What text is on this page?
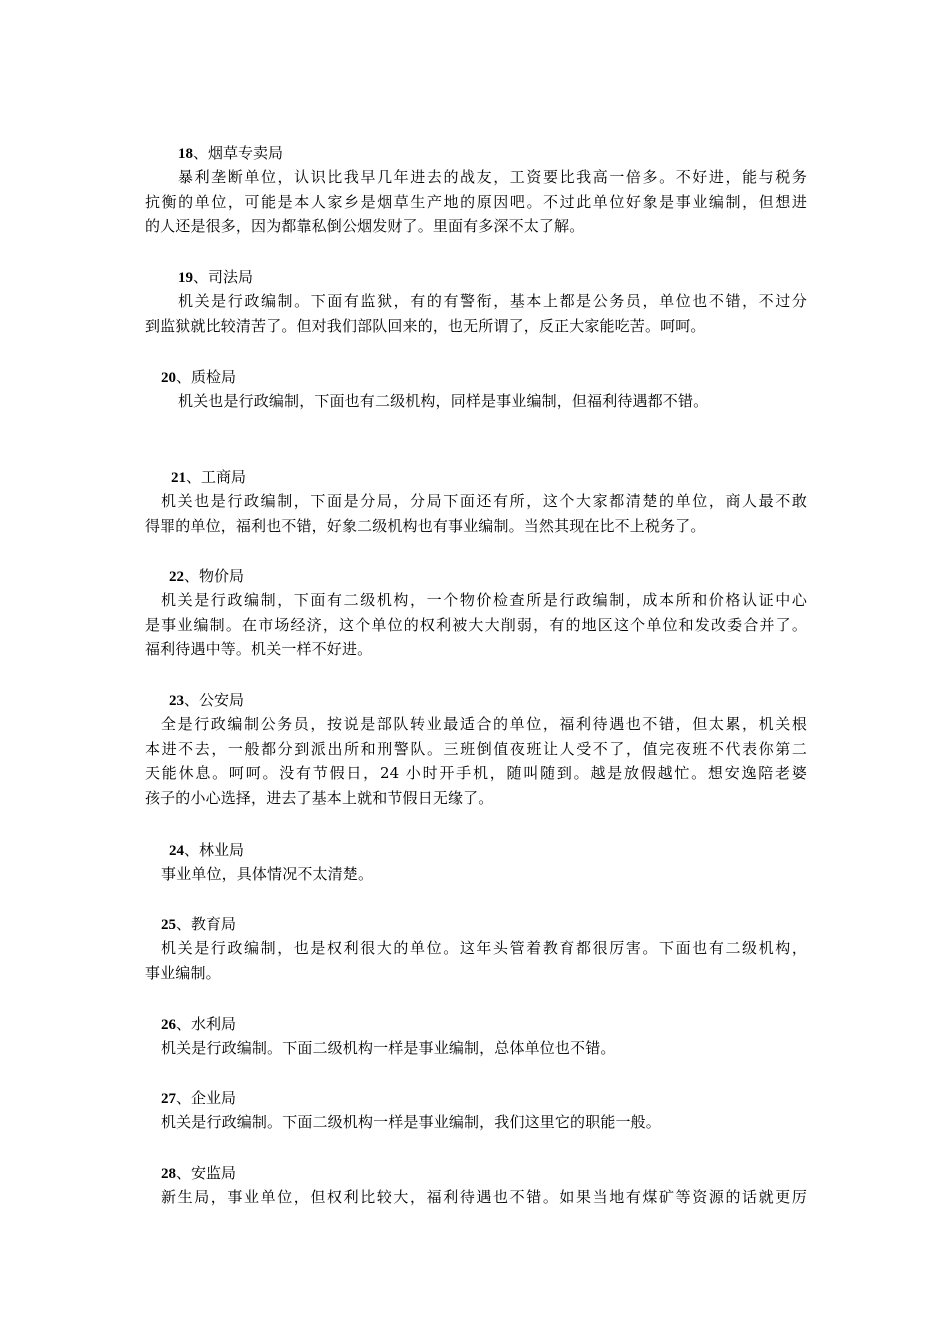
18、烟草专卖局
暴利垄断单位，认识比我早几年进去的战友，工资要比我高一倍多。不好进，能与税务
抗衡的单位，可能是本人家乡是烟草生产地的原因吧。不过此单位好象是事业编制，但想进
的人还是很多，因为都靠私倒公烟发财了。里面有多深不太了解。
19、司法局
机关是行政编制。下面有监狱，有的有警衔，基本上都是公务员，单位也不错，不过分
到监狱就比较清苦了。但对我们部队回来的，也无所谓了，反正大家能吃苦。呵呵。
20、质检局
机关也是行政编制，下面也有二级机构，同样是事业编制，但福利待遇都不错。
21、工商局
机关也是行政编制，下面是分局，分局下面还有所，这个大家都清楚的单位，商人最不敢
得罪的单位，福利也不错，好象二级机构也有事业编制。当然其现在比不上税务了。
22、物价局
机关是行政编制，下面有二级机构，一个物价检查所是行政编制，成本所和价格认证中心
是事业编制。在市场经济，这个单位的权利被大大削弱，有的地区这个单位和发改委合并了。
福利待遇中等。机关一样不好进。
23、公安局
全是行政编制公务员，按说是部队转业最适合的单位，福利待遇也不错，但太累，机关根
本进不去，一般都分到派出所和刑警队。三班倒值夜班让人受不了，值完夜班不代表你第二
天能休息。呵呵。没有节假日，24 小时开手机，随叫随到。越是放假越忙。想安逸陪老婆
孩子的小心选择，进去了基本上就和节假日无缘了。
24、林业局
事业单位，具体情况不太清楚。
25、教育局
机关是行政编制，也是权利很大的单位。这年头管着教育都很厉害。下面也有二级机构，
事业编制。
26、水利局
机关是行政编制。下面二级机构一样是事业编制，总体单位也不错。
27、企业局
机关是行政编制。下面二级机构一样是事业编制，我们这里它的职能一般。
28、安监局
新生局，事业单位，但权利比较大，福利待遇也不错。如果当地有煤矿等资源的话就更厉
